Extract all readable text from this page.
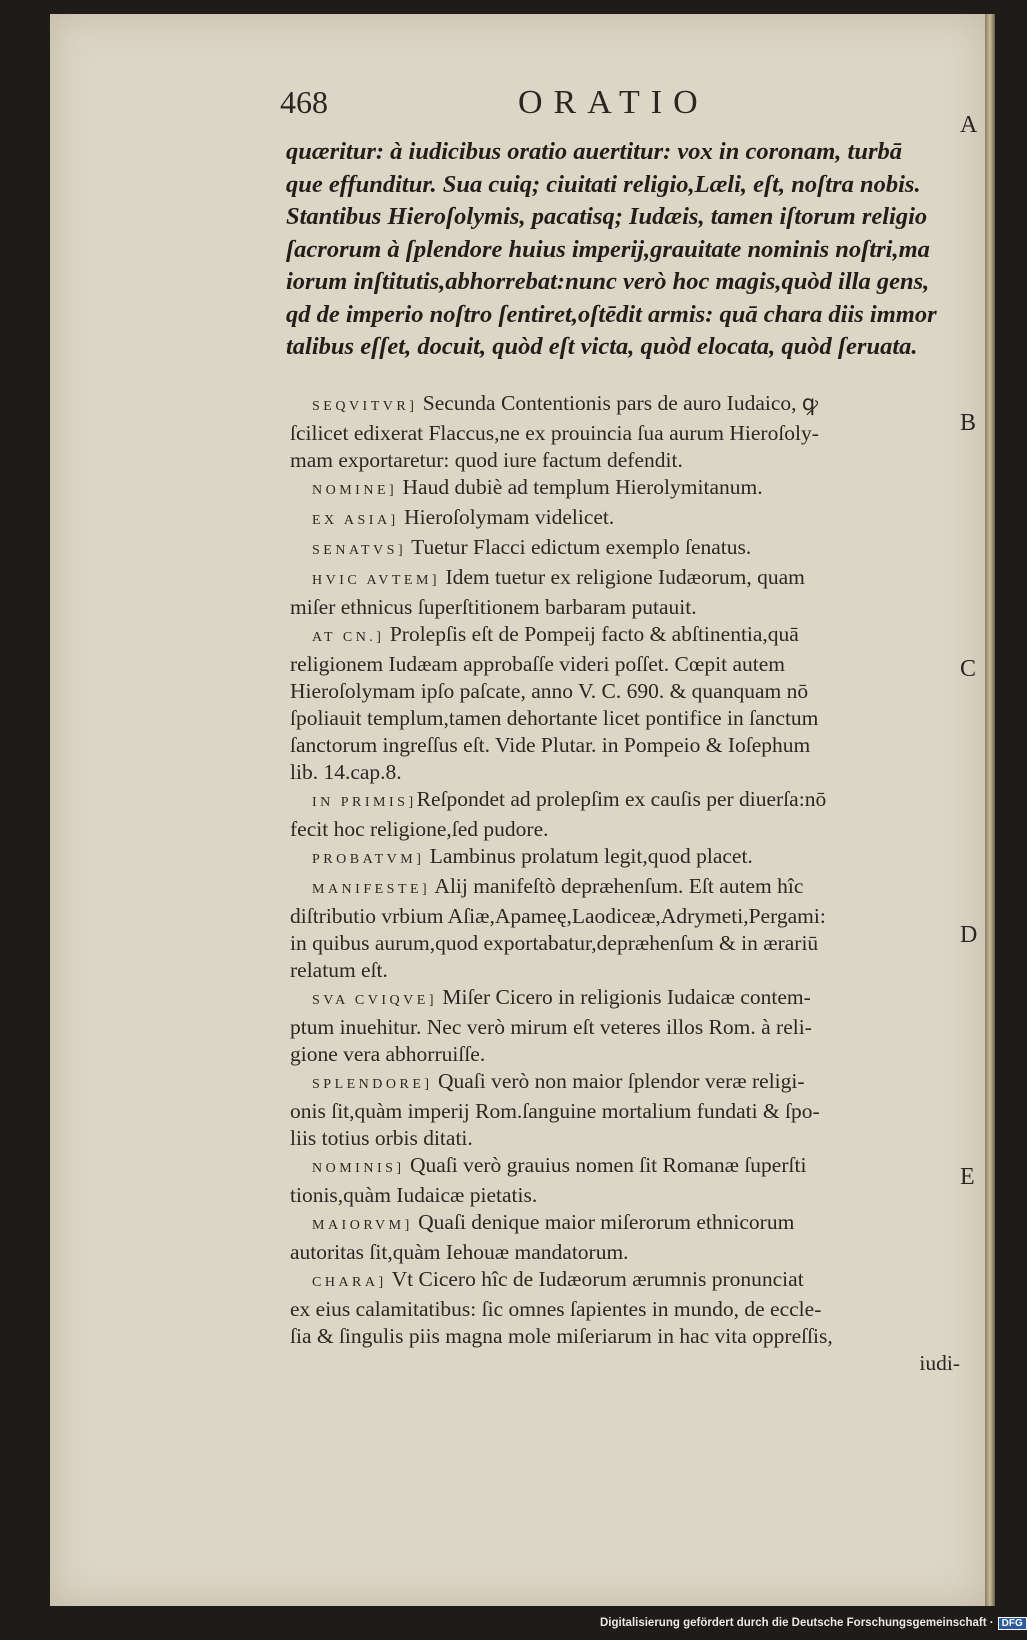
468	ORATIO
quæritur: à iudicibus oratio auertitur: vox in coronam, turbā
que effunditur. Sua cuiq; ciuitati religio,Læli, eſt, noſtra nobis.
Stantibus Hieroſolymis, pacatisq; Iudæis, tamen iſtorum religio
ſacrorum à ſplendore huius imperij,grauitate nominis noſtri,ma
iorum inſtitutis,abhorrebat:nunc verò hoc magis,quòd illa gens,
qd de imperio noſtro ſentiret,oſtēdit armis: quā chara diis immor
talibus eſſet, docuit, quòd eſt victa, quòd elocata, quòd ſeruata.
SEQVITVR] Secunda Contentionis pars de auro Iudaico, ꝙ
ſcilicet edixerat Flaccus,ne ex prouincia ſua aurum Hieroſoly-
mam exportaretur: quod iure factum defendit.
NOMINE] Haud dubiè ad templum Hierolymitanum.
EX ASIA] Hieroſolymam videlicet.
SENATVS] Tuetur Flacci edictum exemplo ſenatus.
HVIC AVTEM] Idem tuetur ex religione Iudæorum, quam
miſer ethnicus ſuperſtitionem barbaram putauit.
AT CN.] Prolepſis eſt de Pompeij facto & abſtinentia,quā
religionem Iudæam approbaſſe videri poſſet. Cœpit autem
Hieroſolymam ipſo paſcate, anno V. C. 690. & quanquam nō
ſpoliauit templum,tamen dehortante licet pontifice in ſanctum
ſanctorum ingreſſus eſt. Vide Plutar. in Pompeio & Ioſephum
lib. 14.cap.8.
IN PRIMIS]Reſpondet ad prolepſim ex cauſis per diuerſa:nō
fecit hoc religione,ſed pudore.
PROBATVM] Lambinus prolatum legit,quod placet.
MANIFESTE] Alij manifeſtò depræhenſum. Eſt autem hîc
diſtributio vrbium Aſiæ,Apameę,Laodiceæ,Adrymeti,Pergami:
in quibus aurum,quod exportabatur,depræhenſum & in ærariū
relatum eſt.
SVA CVIQVE] Miſer Cicero in religionis Iudaicæ contem-
ptum inuehitur. Nec verò mirum eſt veteres illos Rom. à reli-
gione vera abhorruiſſe.
SPLENDORE] Quaſi verò non maior ſplendor veræ religi-
onis ſit,quàm imperij Rom.ſanguine mortalium fundati & ſpo-
liis totius orbis ditati.
NOMINIS] Quaſi verò grauius nomen ſit Romanæ ſuperſti
tionis,quàm Iudaicæ pietatis.
MAIORVM] Quaſi denique maior miſerorum ethnicorum
autoritas ſit,quàm Iehouæ mandatorum.
CHARA] Vt Cicero hîc de Iudæorum ærumnis pronunciat
ex eius calamitatibus: ſic omnes ſapientes in mundo, de eccle-
ſia & ſingulis piis magna mole miſeriarum in hac vita oppreſſis,
iudi-
A
B
C
D
E
Digitalisierung gefördert durch die Deutsche Forschungsgemeinschaft · DFG
